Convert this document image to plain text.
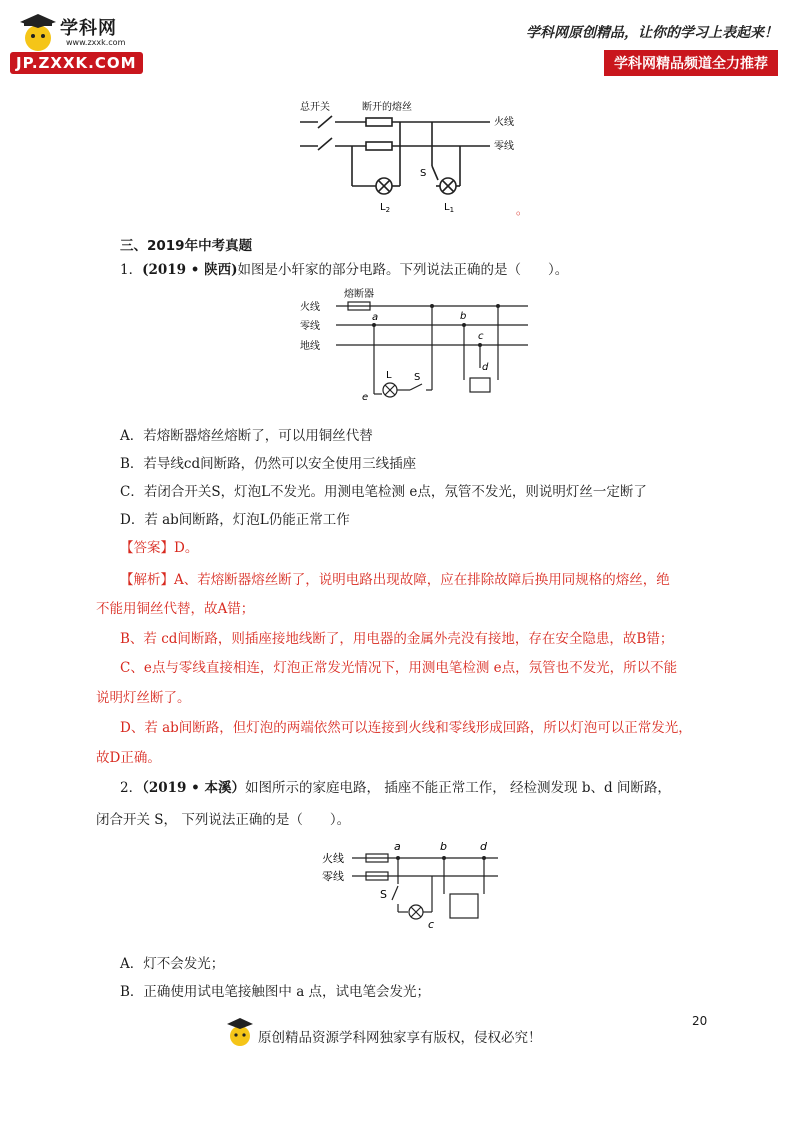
学科网
www.zxxk.com
JP.ZXXK.COM
学科网原创精品，让你的学习上表起来！
学科网精品频道全力推荐
总开关	断开的熔丝
火线
零线
S
$L_2$	$L_1$	。
三、2019年中考真题
1．(2019 • 陕西)如图是小轩家的部分电路。下列说法正确的是（　　）。
火线
零线
地线
熔断器
a	b
c
d
e
L S
A．若熔断器熔丝熔断了，可以用铜丝代替
B．若导线cd间断路，仍然可以安全使用三线插座
C．若闭合开关S，灯泡L不发光。用测电笔检测 e点，氖管不发光，则说明灯丝一定断了
D．若 ab间断路，灯泡L仍能正常工作
【答案】D。
【解析】A、若熔断器熔丝断了，说明电路出现故障，应在排除故障后换用同规格的熔丝，绝
不能用铜丝代替，故A错；
B、若 cd间断路，则插座接地线断了，用电器的金属外壳没有接地，存在安全隐患，故B错；
C、e点与零线直接相连，灯泡正常发光情况下，用测电笔检测 e点，氖管也不发光，所以不能
说明灯丝断了。
D、若 ab间断路，但灯泡的两端依然可以连接到火线和零线形成回路，所以灯泡可以正常发光，
故D正确。
2．（2019 • 本溪）如图所示的家庭电路， 插座不能正常工作， 经检测发现 b、d 间断路，
闭合开关 S， 下列说法正确的是（　　）。
火线
零线
a	b	d
c
S
A．灯不会发光；
B．正确使用试电笔接触图中 a 点，试电笔会发光；
20
原创精品资源学科网独家享有版权，侵权必究！
